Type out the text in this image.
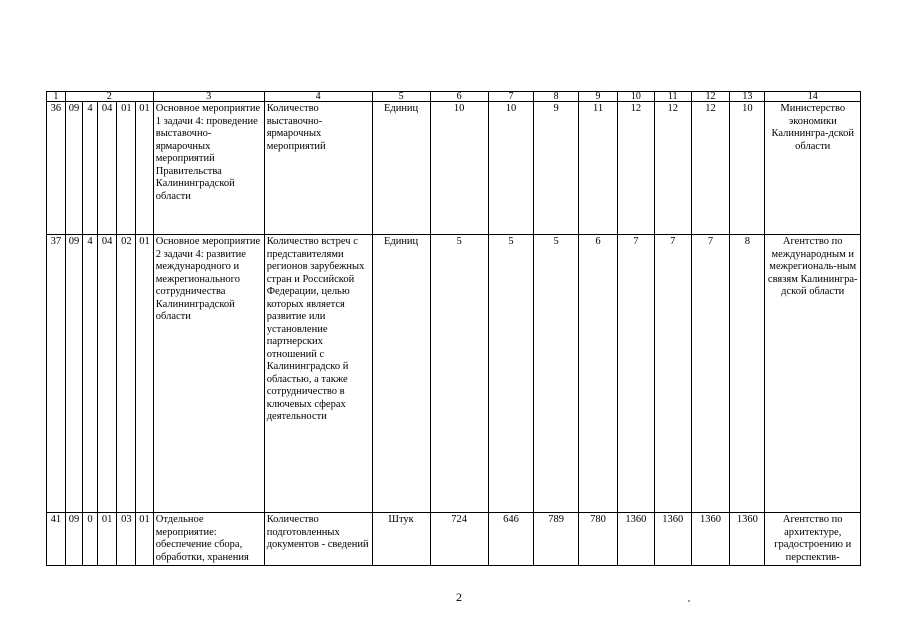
1	2					3	4	5	6	7	8	9	10	11	12	13	14
36	09	4	04	01	01	Основное мероприятие 1 задачи 4: проведение выставочно-ярмарочных мероприятий Правительства Калининградской области	Количество выставочно-ярмарочных мероприятий	Единиц	10	10	9	11	12	12	12	10	Министерство экономики Калинингра-дской области
37	09	4	04	02	01	Основное мероприятие 2 задачи 4: развитие международного и межрегионального сотрудничества Калининградской области	Количество встреч с представителями регионов зарубежных стран и Российской Федерации, целью которых является развитие или установление партнерских отношений с Калининградско й областью, а также сотрудничество в ключевых сферах деятельности	Единиц	5	5	5	6	7	7	7	8	Агентство по международным и межрегиональ-ным связям Калинингра-дской области
41	09	0	01	03	01	Отдельное мероприятие: обеспечение сбора, обработки, хранения	Количество подготовленных документов - сведений	Штук	724	646	789	780	1360	1360	1360	1360	Агентство по архитектуре, градостроению и перспектив-
2
